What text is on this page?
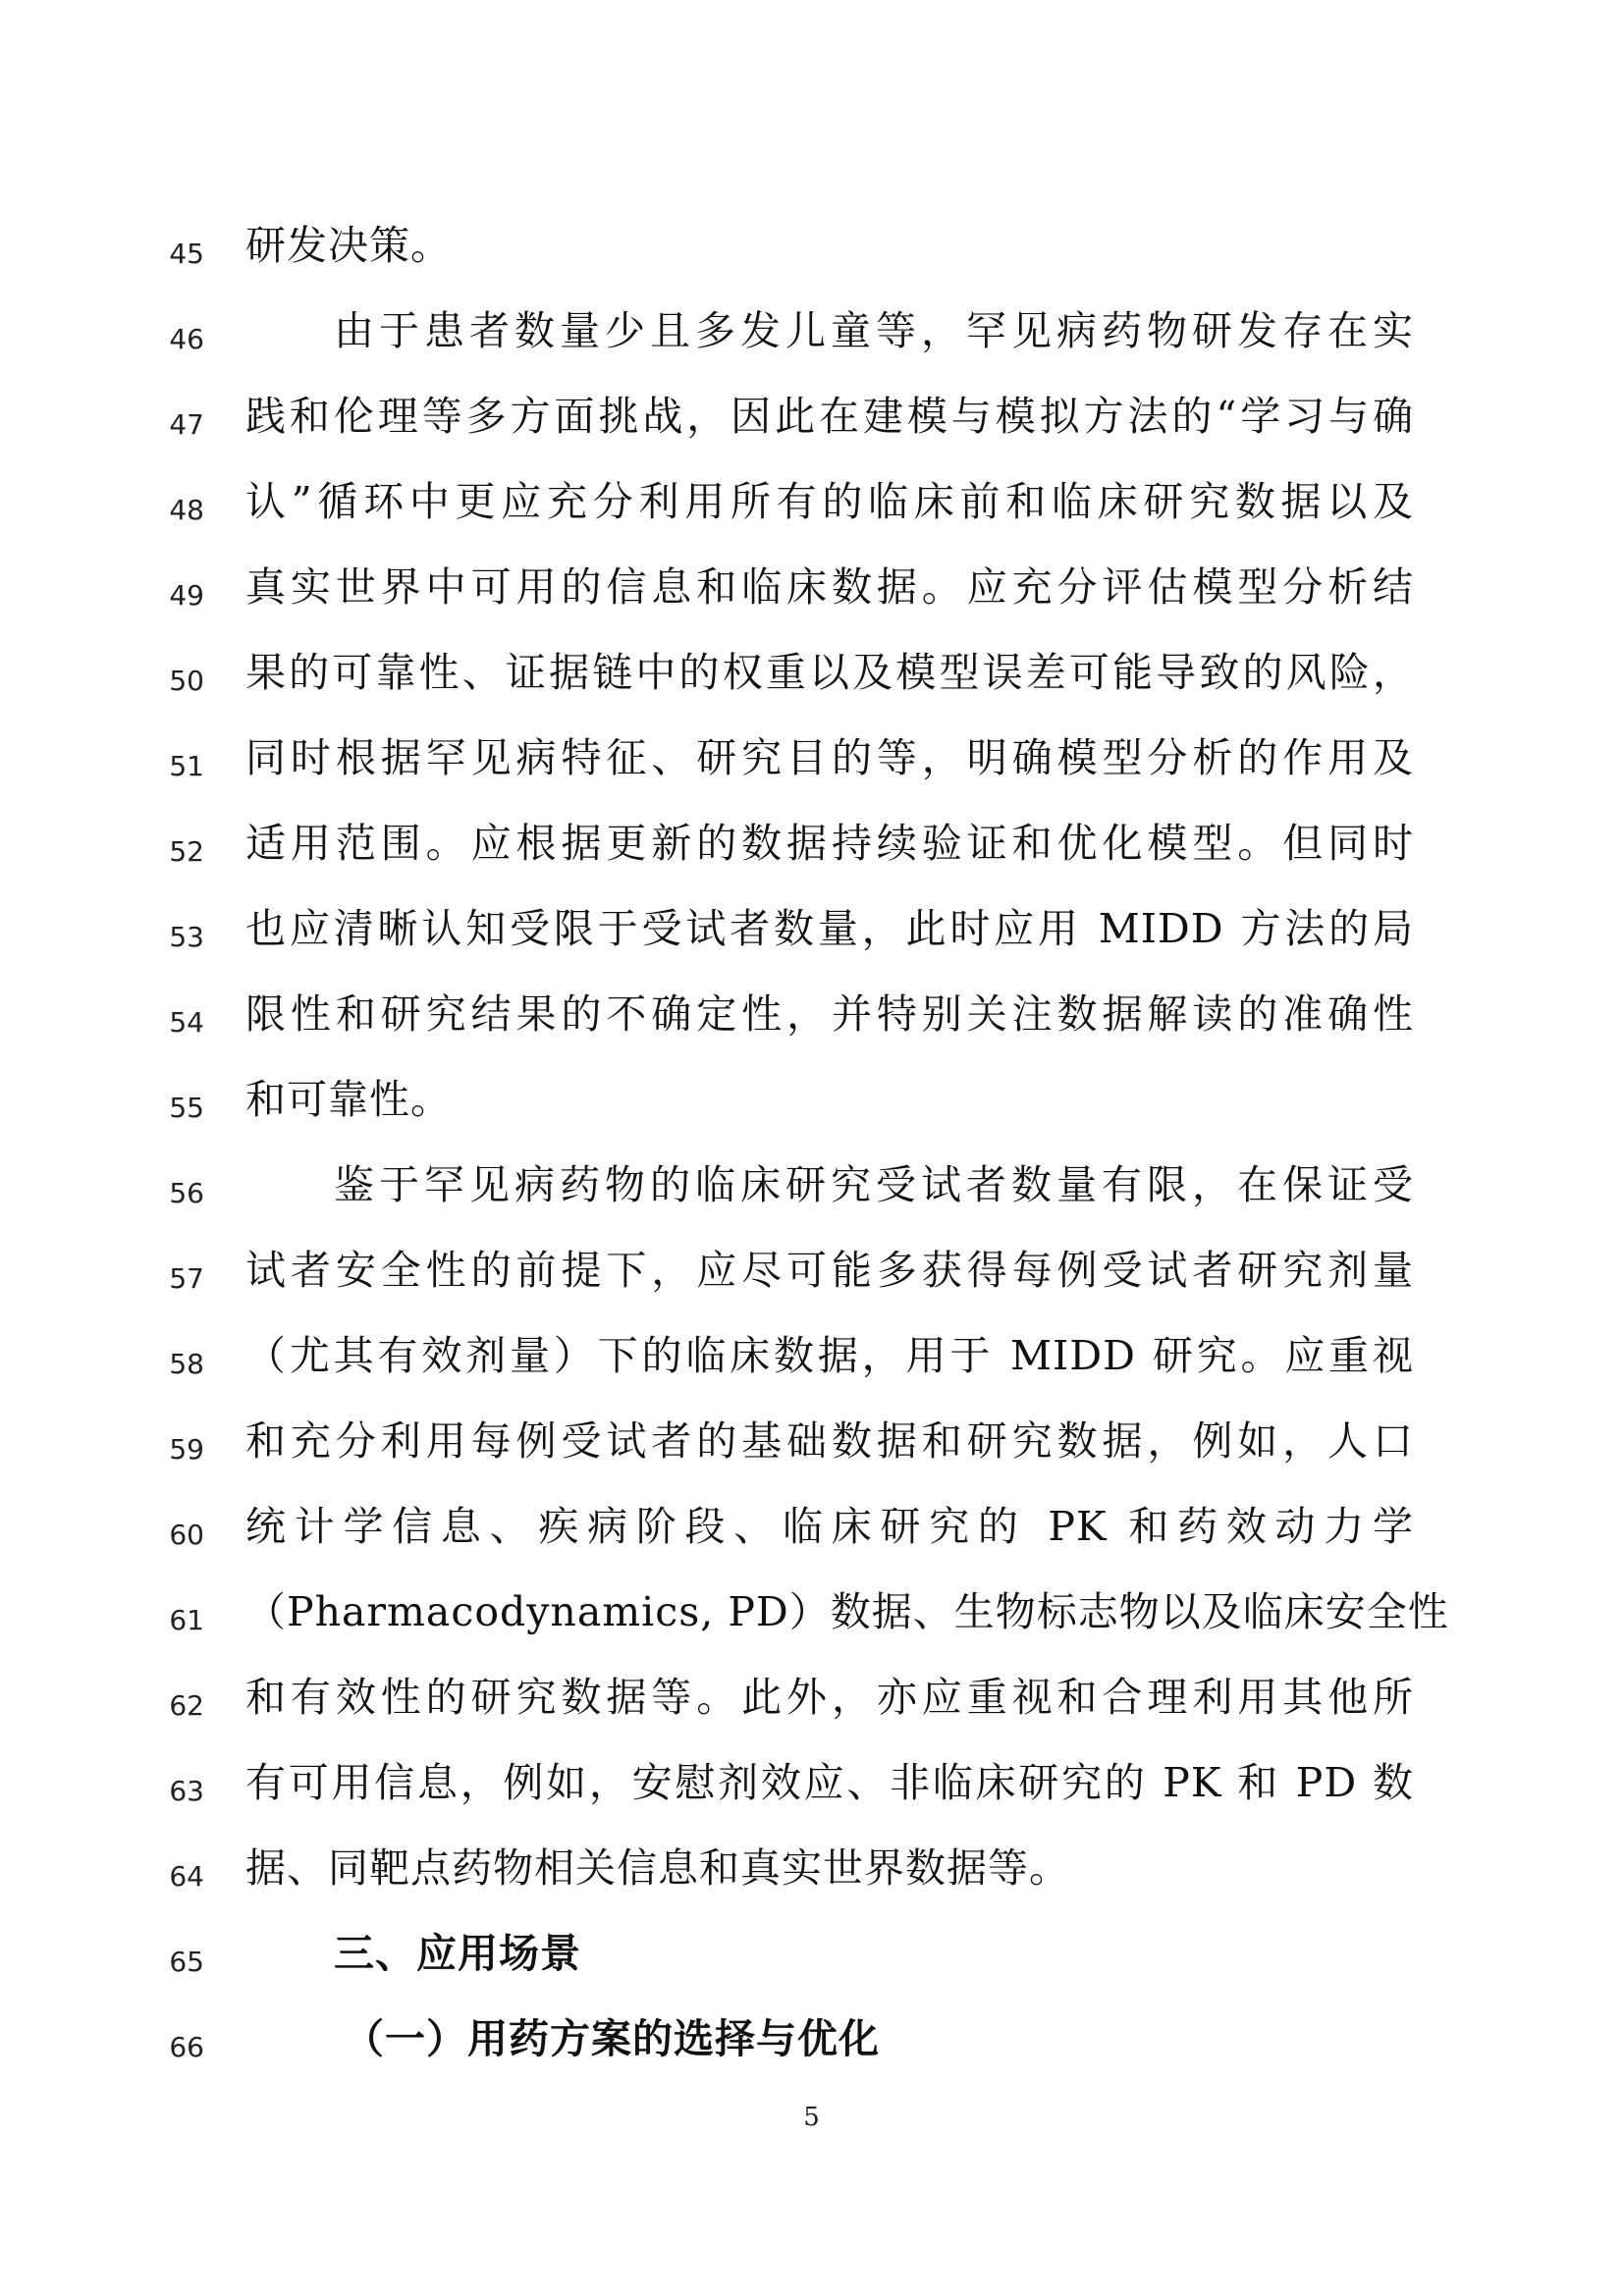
45 研发决策。
46	由于患者数量少且多发儿童等，罕见病药物研发存在实
47 践和伦理等多方面挑战，因此在建模与模拟方法的“学习与确
48 认”循环中更应充分利用所有的临床前和临床研究数据以及
49 真实世界中可用的信息和临床数据。应充分评估模型分析结
50 果的可靠性、证据链中的权重以及模型误差可能导致的风险，
51 同时根据罕见病特征、研究目的等，明确模型分析的作用及
52 适用范围。应根据更新的数据持续验证和优化模型。但同时
53 也应清晰认知受限于受试者数量，此时应用 MIDD 方法的局
54 限性和研究结果的不确定性，并特别关注数据解读的准确性
55 和可靠性。
56	鉴于罕见病药物的临床研究受试者数量有限，在保证受
57 试者安全性的前提下，应尽可能多获得每例受试者研究剂量
58 （尤其有效剂量）下的临床数据，用于 MIDD 研究。应重视
59 和充分利用每例受试者的基础数据和研究数据，例如，人口
60 统计学信息、疾病阶段、临床研究的 PK 和药效动力学
61 （Pharmacodynamics, PD）数据、生物标志物以及临床安全性
62 和有效性的研究数据等。此外，亦应重视和合理利用其他所
63 有可用信息，例如，安慰剂效应、非临床研究的 PK 和 PD 数
64 据、同靶点药物相关信息和真实世界数据等。
65	三、应用场景
66	（一）用药方案的选择与优化
5
